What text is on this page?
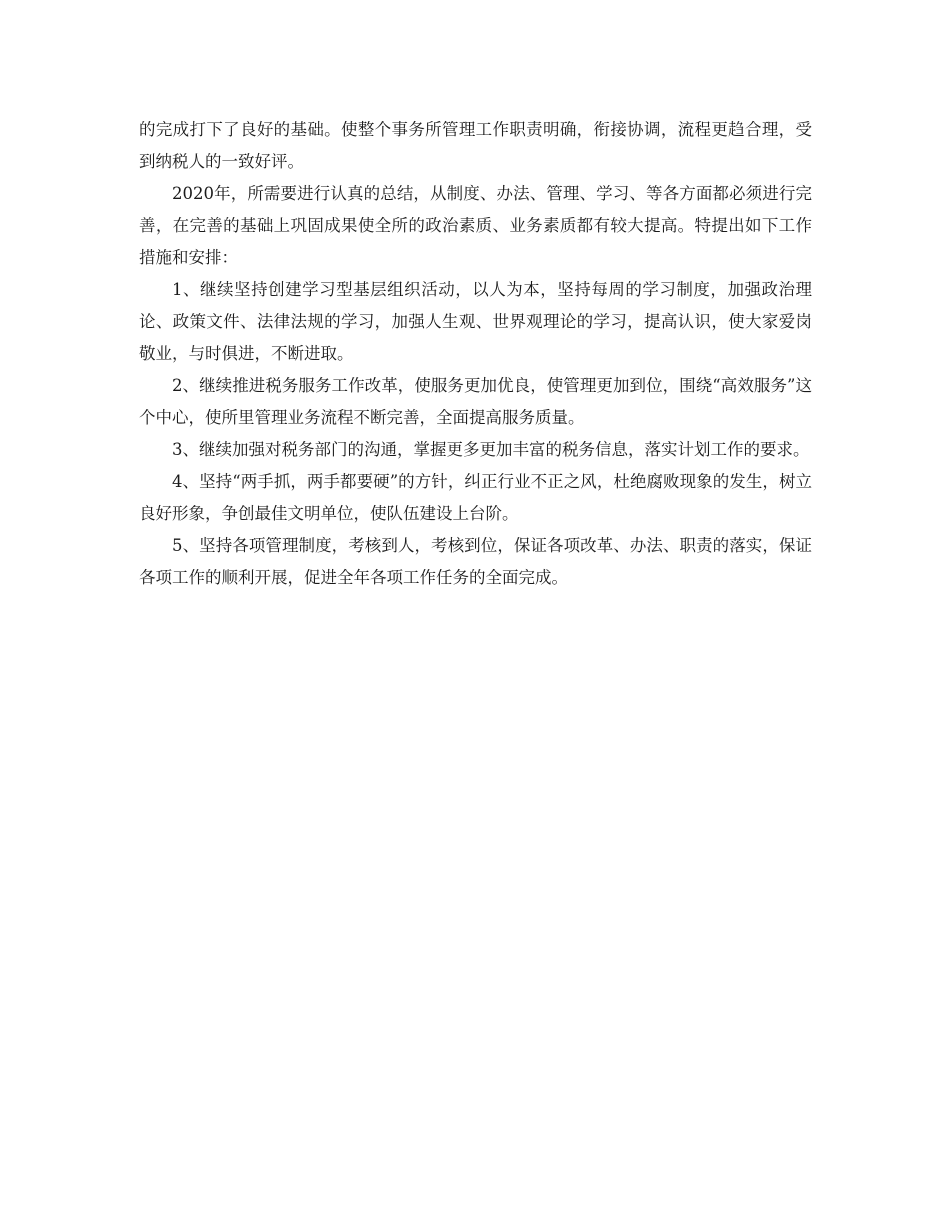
的完成打下了良好的基础。使整个事务所管理工作职责明确，衔接协调，流程更趋合理，受到纳税人的一致好评。

2020年，所需要进行认真的总结，从制度、办法、管理、学习、等各方面都必须进行完善，在完善的基础上巩固成果使全所的政治素质、业务素质都有较大提高。特提出如下工作措施和安排：

1、继续坚持创建学习型基层组织活动，以人为本，坚持每周的学习制度，加强政治理论、政策文件、法律法规的学习，加强人生观、世界观理论的学习，提高认识，使大家爱岗敬业，与时俱进，不断进取。

2、继续推进税务服务工作改革，使服务更加优良，使管理更加到位，围绕“高效服务”这个中心，使所里管理业务流程不断完善，全面提高服务质量。

3、继续加强对税务部门的沟通，掌握更多更加丰富的税务信息，落实计划工作的要求。

4、坚持“两手抓，两手都要硬”的方针，纠正行业不正之风，杜绝腐败现象的发生，树立良好形象，争创最佳文明单位，使队伍建设上台阶。

5、坚持各项管理制度，考核到人，考核到位，保证各项改革、办法、职责的落实，保证各项工作的顺利开展，促进全年各项工作任务的全面完成。
